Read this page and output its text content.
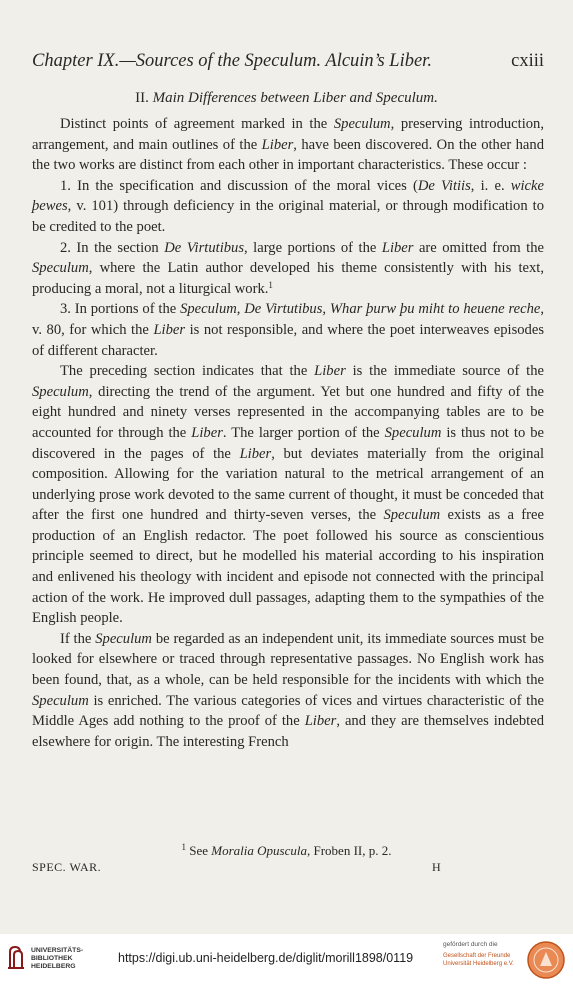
Chapter IX.—Sources of the Speculum. Alcuin’s Liber.	cxiii
II. Main Differences between Liber and Speculum.

Distinct points of agreement marked in the Speculum, preserving introduction, arrangement, and main outlines of the Liber, have been discovered. On the other hand the two works are distinct from each other in important characteristics. These occur :

1. In the specification and discussion of the moral vices (De Vitiis, i. e. wicke þewes, v. 101) through deficiency in the original material, or through modification to be credited to the poet.

2. In the section De Virtutibus, large portions of the Liber are omitted from the Speculum, where the Latin author developed his theme consistently with his text, producing a moral, not a liturgical work.$^1$

3. In portions of the Speculum, De Virtutibus, Whar þurw þu miht to heuene reche, v. 80, for which the Liber is not responsible, and where the poet interweaves episodes of different character.

The preceding section indicates that the Liber is the immediate source of the Speculum, directing the trend of the argument. Yet but one hundred and fifty of the eight hundred and ninety verses represented in the accompanying tables are to be accounted for through the Liber. The larger portion of the Speculum is thus not to be discovered in the pages of the Liber, but deviates materially from the original composition. Allowing for the variation natural to the metrical arrangement of an underlying prose work devoted to the same current of thought, it must be conceded that after the first one hundred and thirty-seven verses, the Speculum exists as a free production of an English redactor. The poet followed his source as conscientious principle seemed to direct, but he modelled his material according to his inspiration and enlivened his theology with incident and episode not connected with the principal action of the work. He improved dull passages, adapting them to the sympathies of the English people.

If the Speculum be regarded as an independent unit, its immediate sources must be looked for elsewhere or traced through representative passages. No English work has been found, that, as a whole, can be held responsible for the incidents with which the Speculum is enriched. The various categories of vices and virtues characteristic of the Middle Ages add nothing to the proof of the Liber, and they are themselves indebted elsewhere for origin. The interesting French

$^1$ See Moralia Opuscula, Froben II, p. 2.
SPEC. WAR.	H
UNIVERSITÄTS-
BIBLIOTHEK
HEIDELBERG
https://digi.ub.uni-heidelberg.de/diglit/morill1898/0119
gefördert durch die
Gesellschaft der Freunde
Universität Heidelberg e.V.
